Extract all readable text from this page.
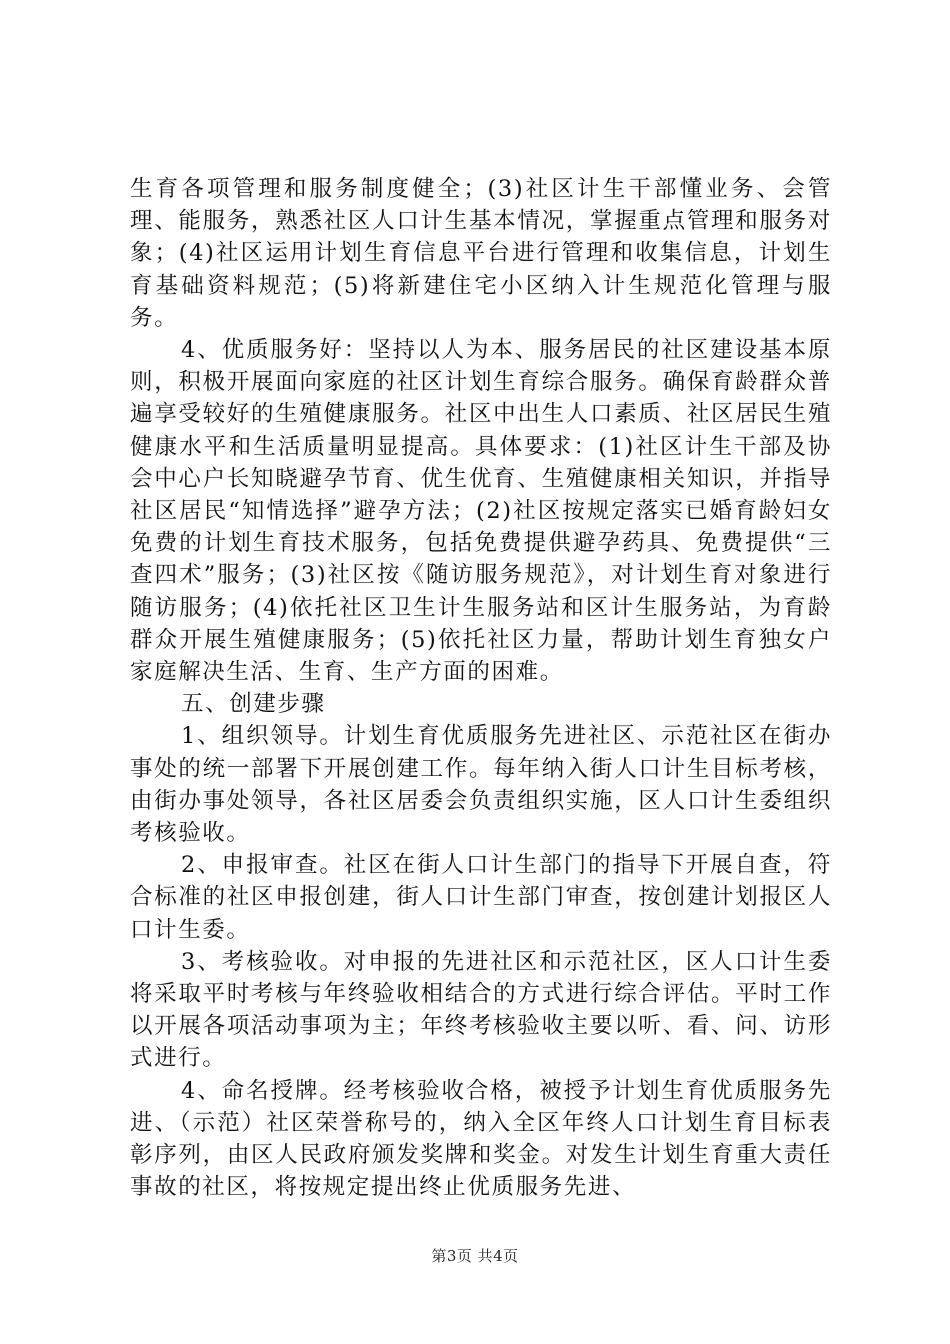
生育各项管理和服务制度健全；(3)社区计生干部懂业务、会管理、能服务，熟悉社区人口计生基本情况，掌握重点管理和服务对象；(4)社区运用计划生育信息平台进行管理和收集信息，计划生育基础资料规范；(5)将新建住宅小区纳入计生规范化管理与服务。

4、优质服务好：坚持以人为本、服务居民的社区建设基本原则，积极开展面向家庭的社区计划生育综合服务。确保育龄群众普遍享受较好的生殖健康服务。社区中出生人口素质、社区居民生殖健康水平和生活质量明显提高。具体要求：(1)社区计生干部及协会中心户长知晓避孕节育、优生优育、生殖健康相关知识，并指导社区居民“知情选择”避孕方法；(2)社区按规定落实已婚育龄妇女免费的计划生育技术服务，包括免费提供避孕药具、免费提供“三查四术”服务；(3)社区按《随访服务规范》，对计划生育对象进行随访服务；(4)依托社区卫生计生服务站和区计生服务站，为育龄群众开展生殖健康服务；(5)依托社区力量，帮助计划生育独女户家庭解决生活、生育、生产方面的困难。

五、创建步骤

1、组织领导。计划生育优质服务先进社区、示范社区在街办事处的统一部署下开展创建工作。每年纳入街人口计生目标考核，由街办事处领导，各社区居委会负责组织实施，区人口计生委组织考核验收。

2、申报审查。社区在街人口计生部门的指导下开展自查，符合标准的社区申报创建，街人口计生部门审查，按创建计划报区人口计生委。

3、考核验收。对申报的先进社区和示范社区，区人口计生委将采取平时考核与年终验收相结合的方式进行综合评估。平时工作以开展各项活动事项为主；年终考核验收主要以听、看、问、访形式进行。

4、命名授牌。经考核验收合格，被授予计划生育优质服务先进、（示范）社区荣誉称号的，纳入全区年终人口计划生育目标表彰序列，由区人民政府颁发奖牌和奖金。对发生计划生育重大责任事故的社区，将按规定提出终止优质服务先进、

第3页 共4页
